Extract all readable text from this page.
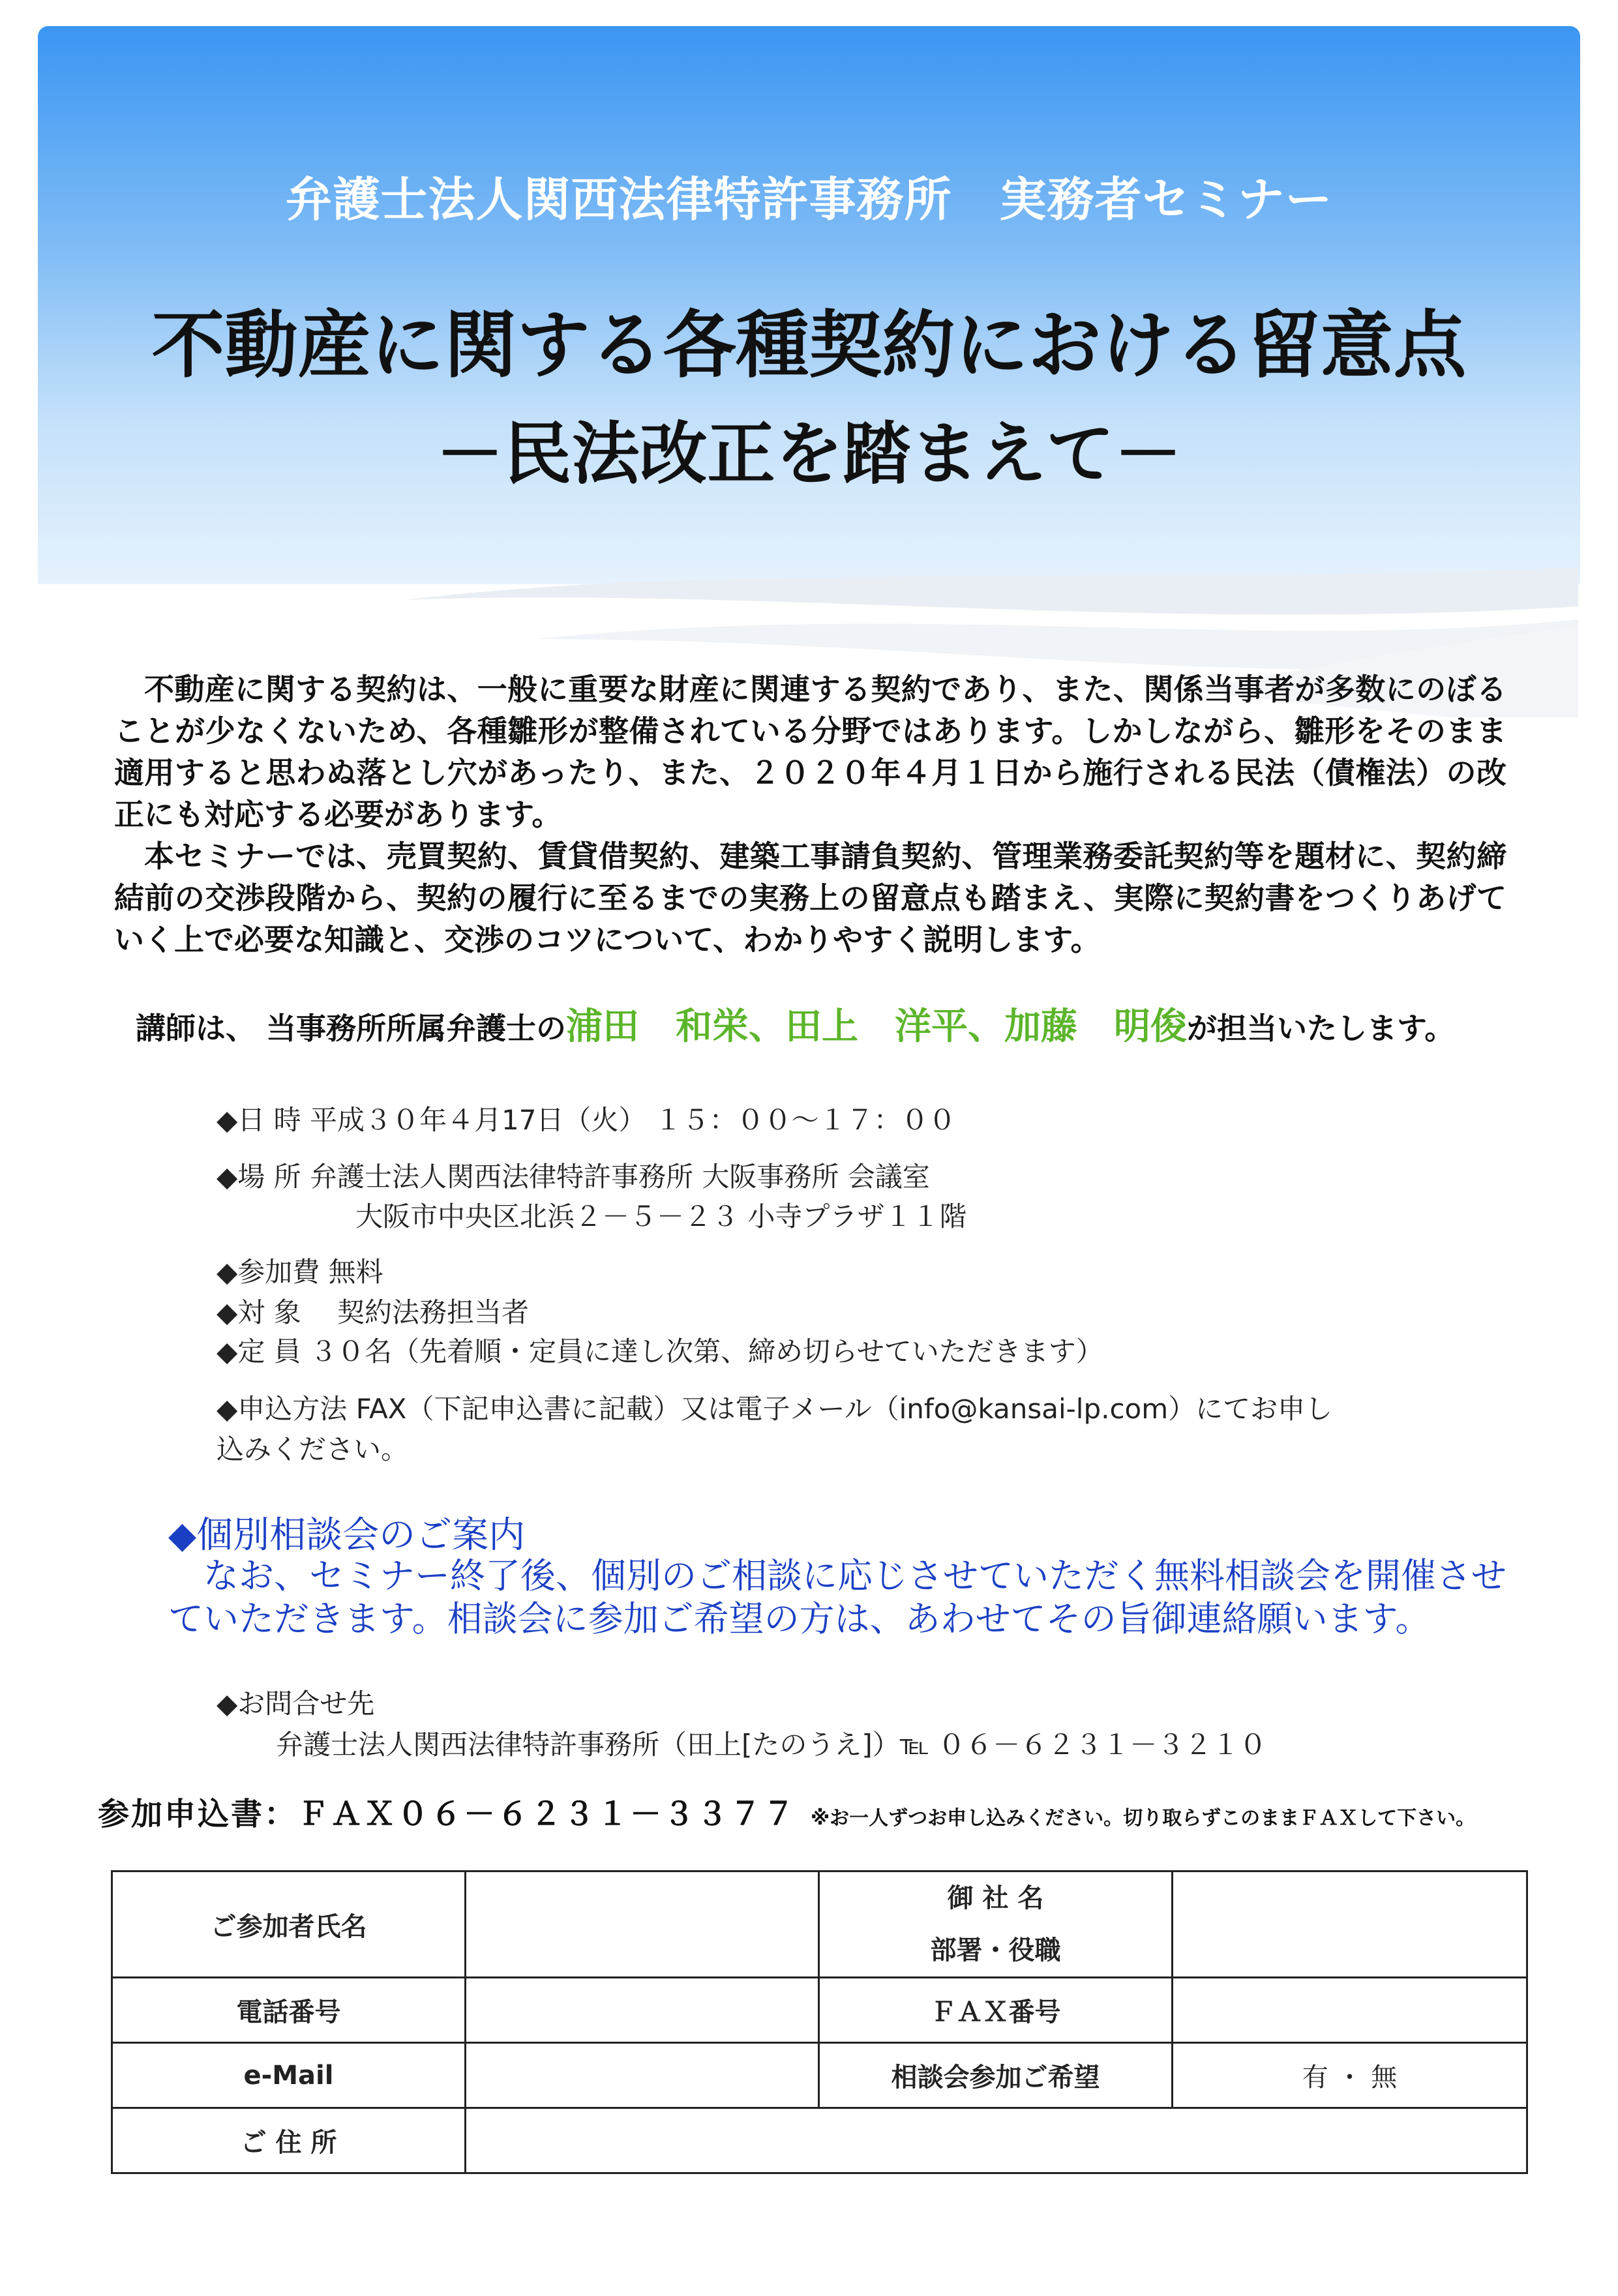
弁護士法人関西法律特許事務所　実務者セミナー
不動産に関する各種契約における留意点
－民法改正を踏まえて－

不動産に関する契約は、一般に重要な財産に関連する契約であり、また、関係当事者が多数にのぼることが少なくないため、各種雛形が整備されている分野ではあります。しかしながら、雛形をそのまま適用すると思わぬ落とし穴があったり、また、２０２０年４月１日から施行される民法（債権法）の改正にも対応する必要があります。

本セミナーでは、売買契約、賃貸借契約、建築工事請負契約、管理業務委託契約等を題材に、契約締結前の交渉段階から、契約の履行に至るまでの実務上の留意点も踏まえ、実際に契約書をつくりあげていく上で必要な知識と、交渉のコツについて、わかりやすく説明します。

講師は、 当事務所所属弁護士の浦田　和栄、田上　洋平、加藤　明俊が担当いたします。
◆日 時 平成３０年４月17日（火） １５：００～１７：００
◆場 所 弁護士法人関西法律特許事務所 大阪事務所 会議室
大阪市中央区北浜２－５－２３ 小寺プラザ１１階
◆参加費 無料
◆対 象　 契約法務担当者
◆定 員 ３０名（先着順・定員に達し次第、締め切らせていただきます）
◆申込方法 FAX（下記申込書に記載）又は電子メール（info@kansai-lp.com）にてお申し
込みください。
◆個別相談会のご案内

なお、セミナー終了後、個別のご相談に応じさせていただく無料相談会を開催させていただきます。相談会に参加ご希望の方は、あわせてその旨御連絡願います。

◆お問合せ先
弁護士法人関西法律特許事務所（田上[たのうえ]）℡ ０６－６２３１－３２１０
参加申込書：ＦＡＸ０６－６２３１－３３７７ ※お一人ずつお申し込みください。切り取らずこのままＦＡＸして下さい。
ご参加者氏名		御 社 名
部署・役職	

電話番号		ＦＡＸ番号	
e-Mail		相談会参加ご希望	有 ・ 無
ご 住 所			
